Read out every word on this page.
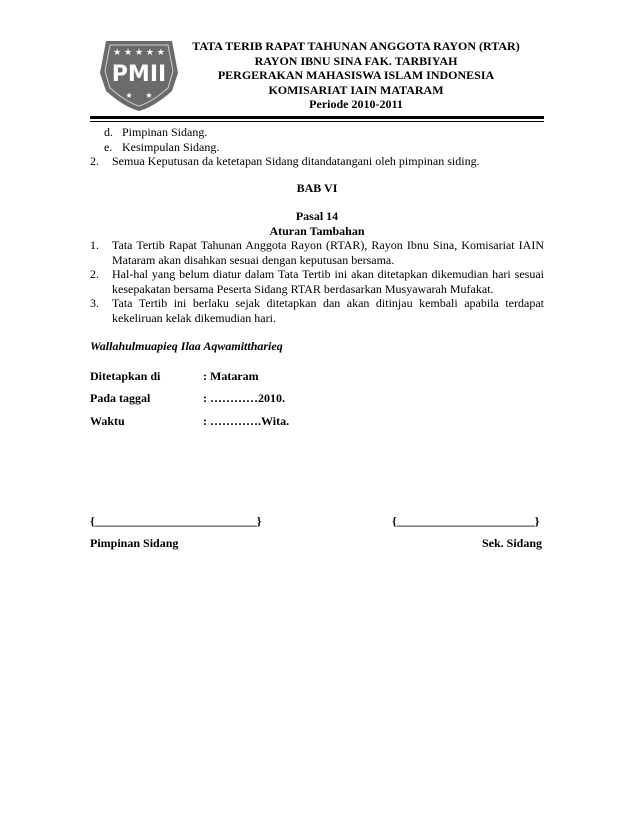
★ ★ ★ ★ ★
PMII
★     ★
TATA TERIB RAPAT TAHUNAN ANGGOTA RAYON (RTAR)
RAYON IBNU SINA FAK. TARBIYAH
PERGERAKAN MAHASISWA ISLAM INDONESIA
KOMISARIAT IAIN MATARAM
Periode 2010-2011
d. Pimpinan Sidang.
e. Kesimpulan Sidang.
2.	Semua Keputusan da ketetapan Sidang ditandatangani oleh pimpinan siding.
BAB VI
Pasal 14
Aturan Tambahan
1.	Tata Tertib Rapat Tahunan Anggota Rayon (RTAR), Rayon Ibnu Sina, Komisariat IAIN Mataram akan disahkan sesuai dengan keputusan bersama.
2.	Hal-hal yang belum diatur dalam Tata Tertib ini akan ditetapkan dikemudian hari sesuai kesepakatan bersama Peserta Sidang RTAR berdasarkan Musyawarah Mufakat.
3.	Tata Tertib ini berlaku sejak ditetapkan dan akan ditinjau kembali apabila terdapat kekeliruan kelak dikemudian hari.
Wallahulmuapieq Ilaa Aqwamitthariеq
Ditetapkan di	: Mataram
Pada taggal	: …………2010.
Waktu	: ………….Wita.
{___________________________}	{_______________________}
Pimpinan Sidang	Sek. Sidang
